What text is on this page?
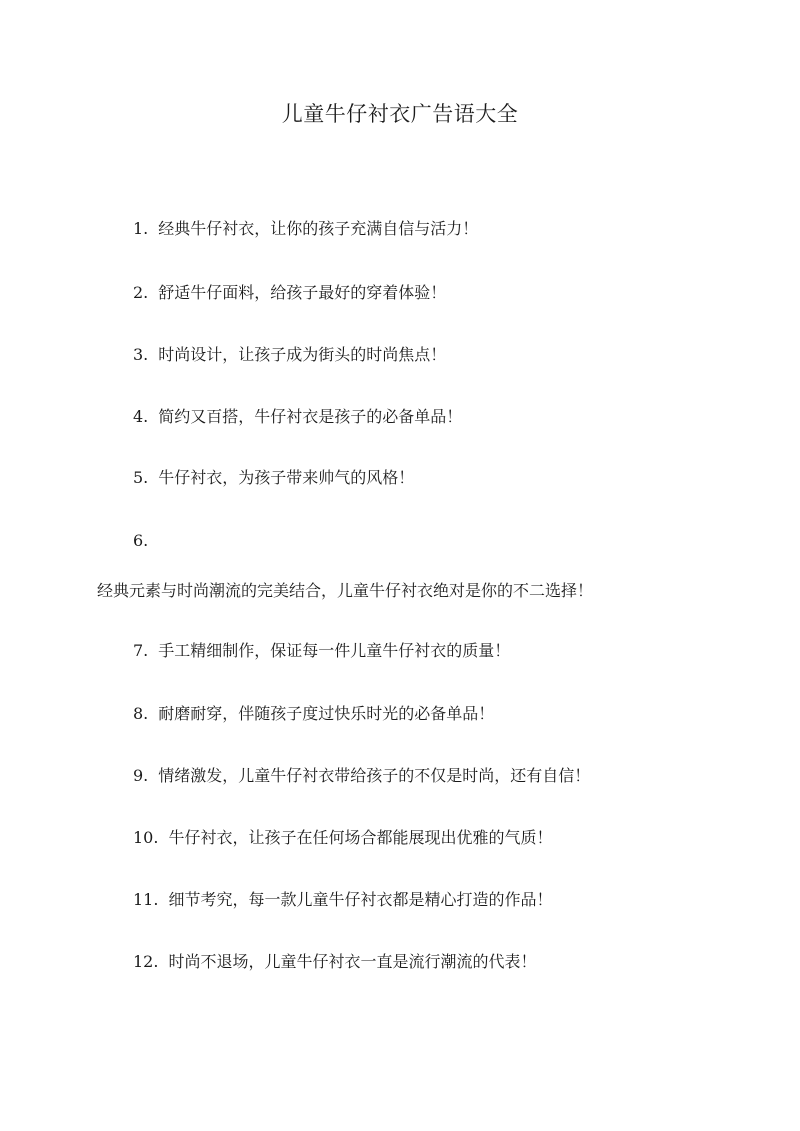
儿童牛仔衬衣广告语大全
1. 经典牛仔衬衣，让你的孩子充满自信与活力！
2. 舒适牛仔面料，给孩子最好的穿着体验！
3. 时尚设计，让孩子成为街头的时尚焦点！
4. 简约又百搭，牛仔衬衣是孩子的必备单品！
5. 牛仔衬衣，为孩子带来帅气的风格！
6.
经典元素与时尚潮流的完美结合，儿童牛仔衬衣绝对是你的不二选择！
7. 手工精细制作，保证每一件儿童牛仔衬衣的质量！
8. 耐磨耐穿，伴随孩子度过快乐时光的必备单品！
9. 情绪激发，儿童牛仔衬衣带给孩子的不仅是时尚，还有自信！
10. 牛仔衬衣，让孩子在任何场合都能展现出优雅的气质！
11. 细节考究，每一款儿童牛仔衬衣都是精心打造的作品！
12. 时尚不退场，儿童牛仔衬衣一直是流行潮流的代表！
